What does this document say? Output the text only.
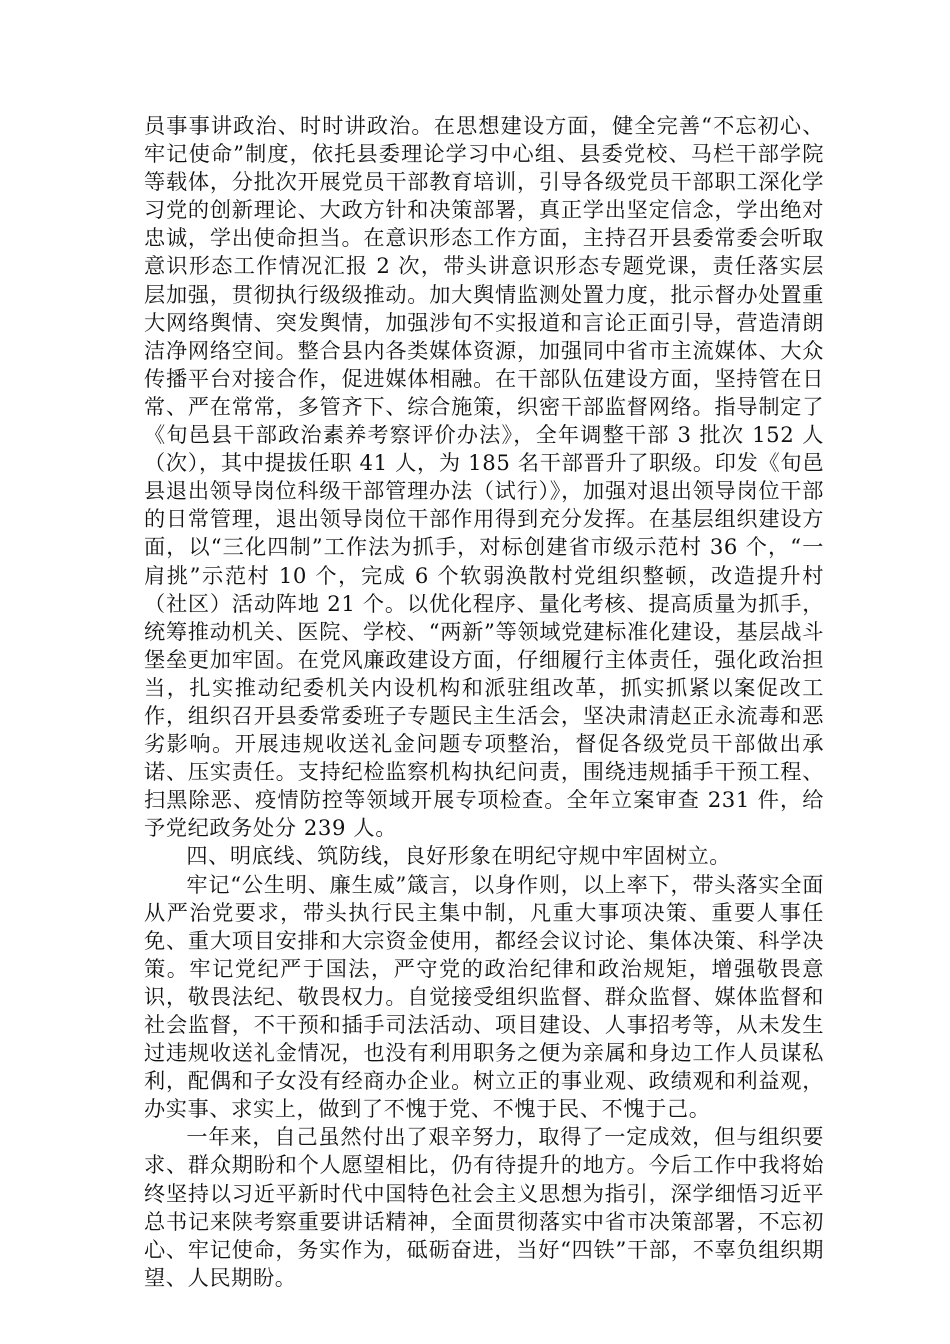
员事事讲政治、时时讲政治。在思想建设方面，健全完善“不忘初心、牢记使命”制度，依托县委理论学习中心组、县委党校、马栏干部学院等载体，分批次开展党员干部教育培训，引导各级党员干部职工深化学习党的创新理论、大政方针和决策部署，真正学出坚定信念，学出绝对忠诚，学出使命担当。在意识形态工作方面，主持召开县委常委会听取意识形态工作情况汇报 2 次，带头讲意识形态专题党课，责任落实层层加强，贯彻执行级级推动。加大舆情监测处置力度，批示督办处置重大网络舆情、突发舆情，加强涉旬不实报道和言论正面引导，营造清朗洁净网络空间。整合县内各类媒体资源，加强同中省市主流媒体、大众传播平台对接合作，促进媒体相融。在干部队伍建设方面，坚持管在日常、严在常常，多管齐下、综合施策，织密干部监督网络。指导制定了《旬邑县干部政治素养考察评价办法》，全年调整干部 3 批次 152 人（次），其中提拔任职 41 人，为 185 名干部晋升了职级。印发《旬邑县退出领导岗位科级干部管理办法（试行）》，加强对退出领导岗位干部的日常管理，退出领导岗位干部作用得到充分发挥。在基层组织建设方面，以“三化四制”工作法为抓手，对标创建省市级示范村 36 个，“一肩挑”示范村 10 个，完成 6 个软弱涣散村党组织整顿，改造提升村（社区）活动阵地 21 个。以优化程序、量化考核、提高质量为抓手，统筹推动机关、医院、学校、“两新”等领域党建标准化建设，基层战斗堡垒更加牢固。在党风廉政建设方面，仔细履行主体责任，强化政治担当，扎实推动纪委机关内设机构和派驻组改革，抓实抓紧以案促改工作，组织召开县委常委班子专题民主生活会，坚决肃清赵正永流毒和恶劣影响。开展违规收送礼金问题专项整治，督促各级党员干部做出承诺、压实责任。支持纪检监察机构执纪问责，围绕违规插手干预工程、扫黑除恶、疫情防控等领域开展专项检查。全年立案审查 231 件，给予党纪政务处分 239 人。

四、明底线、筑防线，良好形象在明纪守规中牢固树立。

牢记“公生明、廉生威”箴言，以身作则，以上率下，带头落实全面从严治党要求，带头执行民主集中制，凡重大事项决策、重要人事任免、重大项目安排和大宗资金使用，都经会议讨论、集体决策、科学决策。牢记党纪严于国法，严守党的政治纪律和政治规矩，增强敬畏意识，敬畏法纪、敬畏权力。自觉接受组织监督、群众监督、媒体监督和社会监督，不干预和插手司法活动、项目建设、人事招考等，从未发生过违规收送礼金情况，也没有利用职务之便为亲属和身边工作人员谋私利，配偶和子女没有经商办企业。树立正的事业观、政绩观和利益观，办实事、求实上，做到了不愧于党、不愧于民、不愧于己。

一年来，自己虽然付出了艰辛努力，取得了一定成效，但与组织要求、群众期盼和个人愿望相比，仍有待提升的地方。今后工作中我将始终坚持以习近平新时代中国特色社会主义思想为指引，深学细悟习近平总书记来陕考察重要讲话精神，全面贯彻落实中省市决策部署，不忘初心、牢记使命，务实作为，砥砺奋进，当好“四铁”干部，不辜负组织期望、人民期盼。
